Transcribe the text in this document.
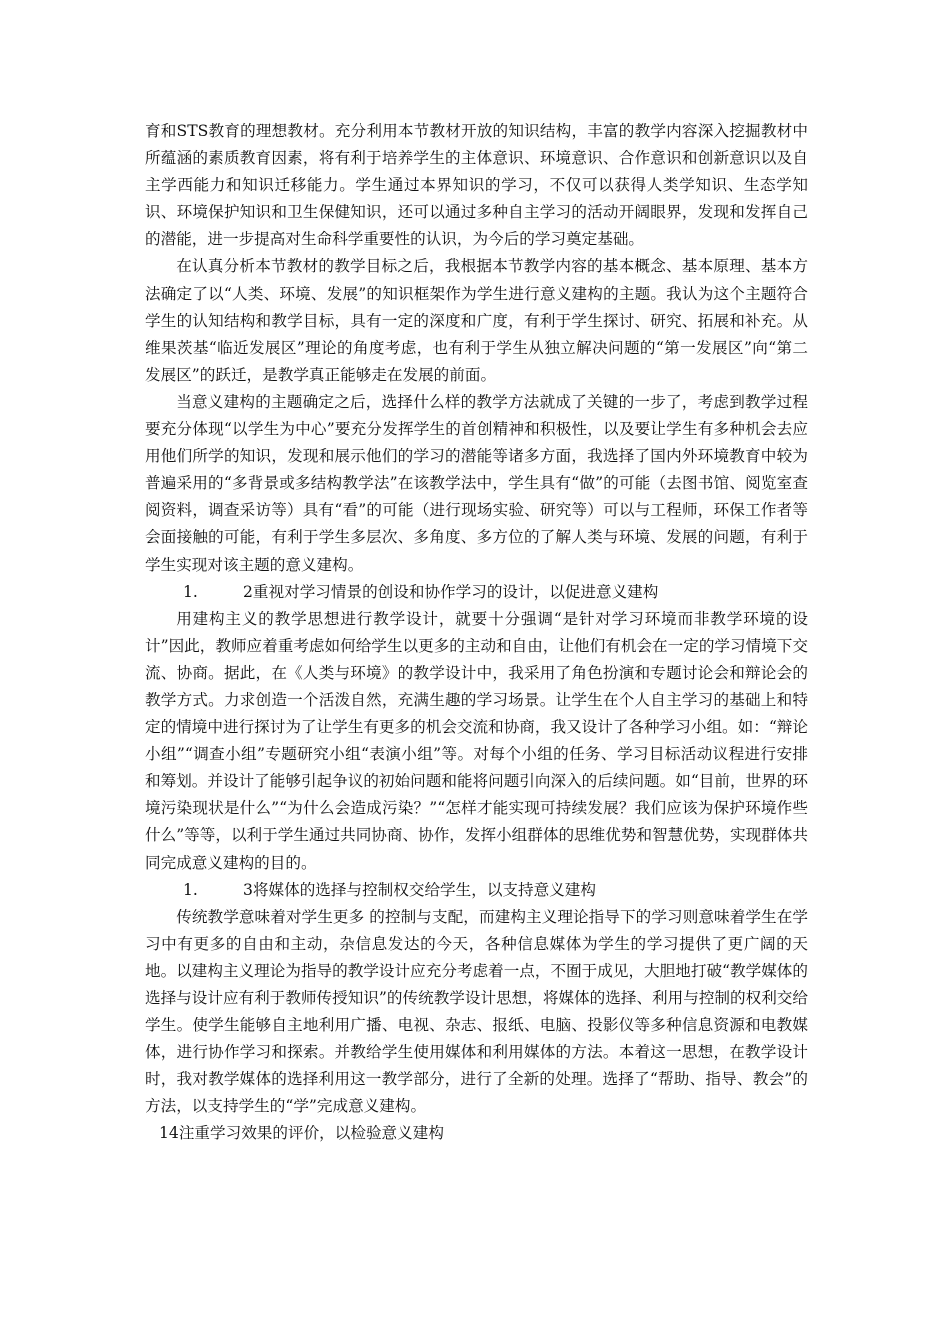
育和STS教育的理想教材。充分利用本节教材开放的知识结构，丰富的教学内容深入挖掘教材中所蕴涵的素质教育因素，将有利于培养学生的主体意识、环境意识、合作意识和创新意识以及自主学西能力和知识迁移能力。学生通过本界知识的学习，不仅可以获得人类学知识、生态学知识、环境保护知识和卫生保健知识，还可以通过多种自主学习的活动开阔眼界，发现和发挥自己的潜能，进一步提高对生命科学重要性的认识，为今后的学习奠定基础。

在认真分析本节教材的教学目标之后，我根据本节教学内容的基本概念、基本原理、基本方法确定了以“人类、环境、发展”的知识框架作为学生进行意义建构的主题。我认为这个主题符合学生的认知结构和教学目标，具有一定的深度和广度，有利于学生探讨、研究、拓展和补充。从维果茨基“临近发展区”理论的角度考虑，也有利于学生从独立解决问题的“第一发展区”向“第二发展区”的跃迁，是教学真正能够走在发展的前面。

当意义建构的主题确定之后，选择什么样的教学方法就成了关键的一步了，考虑到教学过程要充分体现“以学生为中心”要充分发挥学生的首创精神和积极性，以及要让学生有多种机会去应用他们所学的知识，发现和展示他们的学习的潜能等诸多方面，我选择了国内外环境教育中较为普遍采用的“多背景或多结构教学法”在该教学法中，学生具有“做”的可能（去图书馆、阅览室查阅资料，调查采访等）具有“看”的可能（进行现场实验、研究等）可以与工程师，环保工作者等会面接触的可能，有利于学生多层次、多角度、多方位的了解人类与环境、发展的问题，有利于学生实现对该主题的意义建构。

1.	2重视对学习情景的创设和协作学习的设计，以促进意义建构

用建构主义的教学思想进行教学设计，就要十分强调“是针对学习环境而非教学环境的设计”因此，教师应着重考虑如何给学生以更多的主动和自由，让他们有机会在一定的学习情境下交流、协商。据此，在《人类与环境》的教学设计中，我采用了角色扮演和专题讨论会和辩论会的教学方式。力求创造一个活泼自然，充满生趣的学习场景。让学生在个人自主学习的基础上和特定的情境中进行探讨为了让学生有更多的机会交流和协商，我又设计了各种学习小组。如：“辩论小组”“调查小组”专题研究小组“表演小组”等。对每个小组的任务、学习目标活动议程进行安排和筹划。并设计了能够引起争议的初始问题和能将问题引向深入的后续问题。如“目前，世界的环境污染现状是什么”“为什么会造成污染？”“怎样才能实现可持续发展？我们应该为保护环境作些什么”等等，以利于学生通过共同协商、协作，发挥小组群体的思维优势和智慧优势，实现群体共同完成意义建构的目的。

1.	3将媒体的选择与控制权交给学生，以支持意义建构

传统教学意味着对学生更多 的控制与支配，而建构主义理论指导下的学习则意味着学生在学习中有更多的自由和主动，杂信息发达的今天，各种信息媒体为学生的学习提供了更广阔的天地。以建构主义理论为指导的教学设计应充分考虑着一点，不囿于成见，大胆地打破“教学媒体的选择与设计应有利于教师传授知识”的传统教学设计思想，将媒体的选择、利用与控制的权利交给学生。使学生能够自主地利用广播、电视、杂志、报纸、电脑、投影仪等多种信息资源和电教媒体，进行协作学习和探索。并教给学生使用媒体和利用媒体的方法。本着这一思想，在教学设计时，我对教学媒体的选择利用这一教学部分，进行了全新的处理。选择了“帮助、指导、教会”的方法，以支持学生的“学”完成意义建构。

14注重学习效果的评价，以检验意义建构
